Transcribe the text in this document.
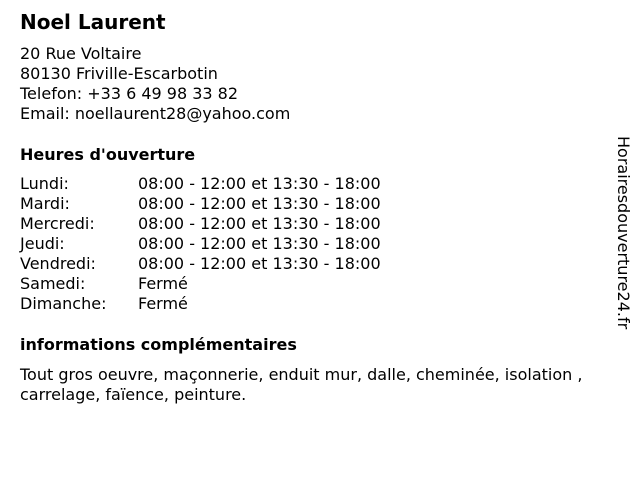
Noel Laurent
20 Rue Voltaire
80130 Friville-Escarbotin
Telefon: +33 6 49 98 33 82
Email: noellaurent28@yahoo.com
Heures d'ouverture
Lundi:	08:00 - 12:00 et 13:30 - 18:00
Mardi:	08:00 - 12:00 et 13:30 - 18:00
Mercredi:	08:00 - 12:00 et 13:30 - 18:00
Jeudi:	08:00 - 12:00 et 13:30 - 18:00
Vendredi:	08:00 - 12:00 et 13:30 - 18:00
Samedi:	Fermé
Dimanche: Fermé
informations complémentaires
Tout gros oeuvre, maçonnerie, enduit mur, dalle, cheminée, isolation , carrelage, faïence, peinture.
Horairesdouverture24.fr
